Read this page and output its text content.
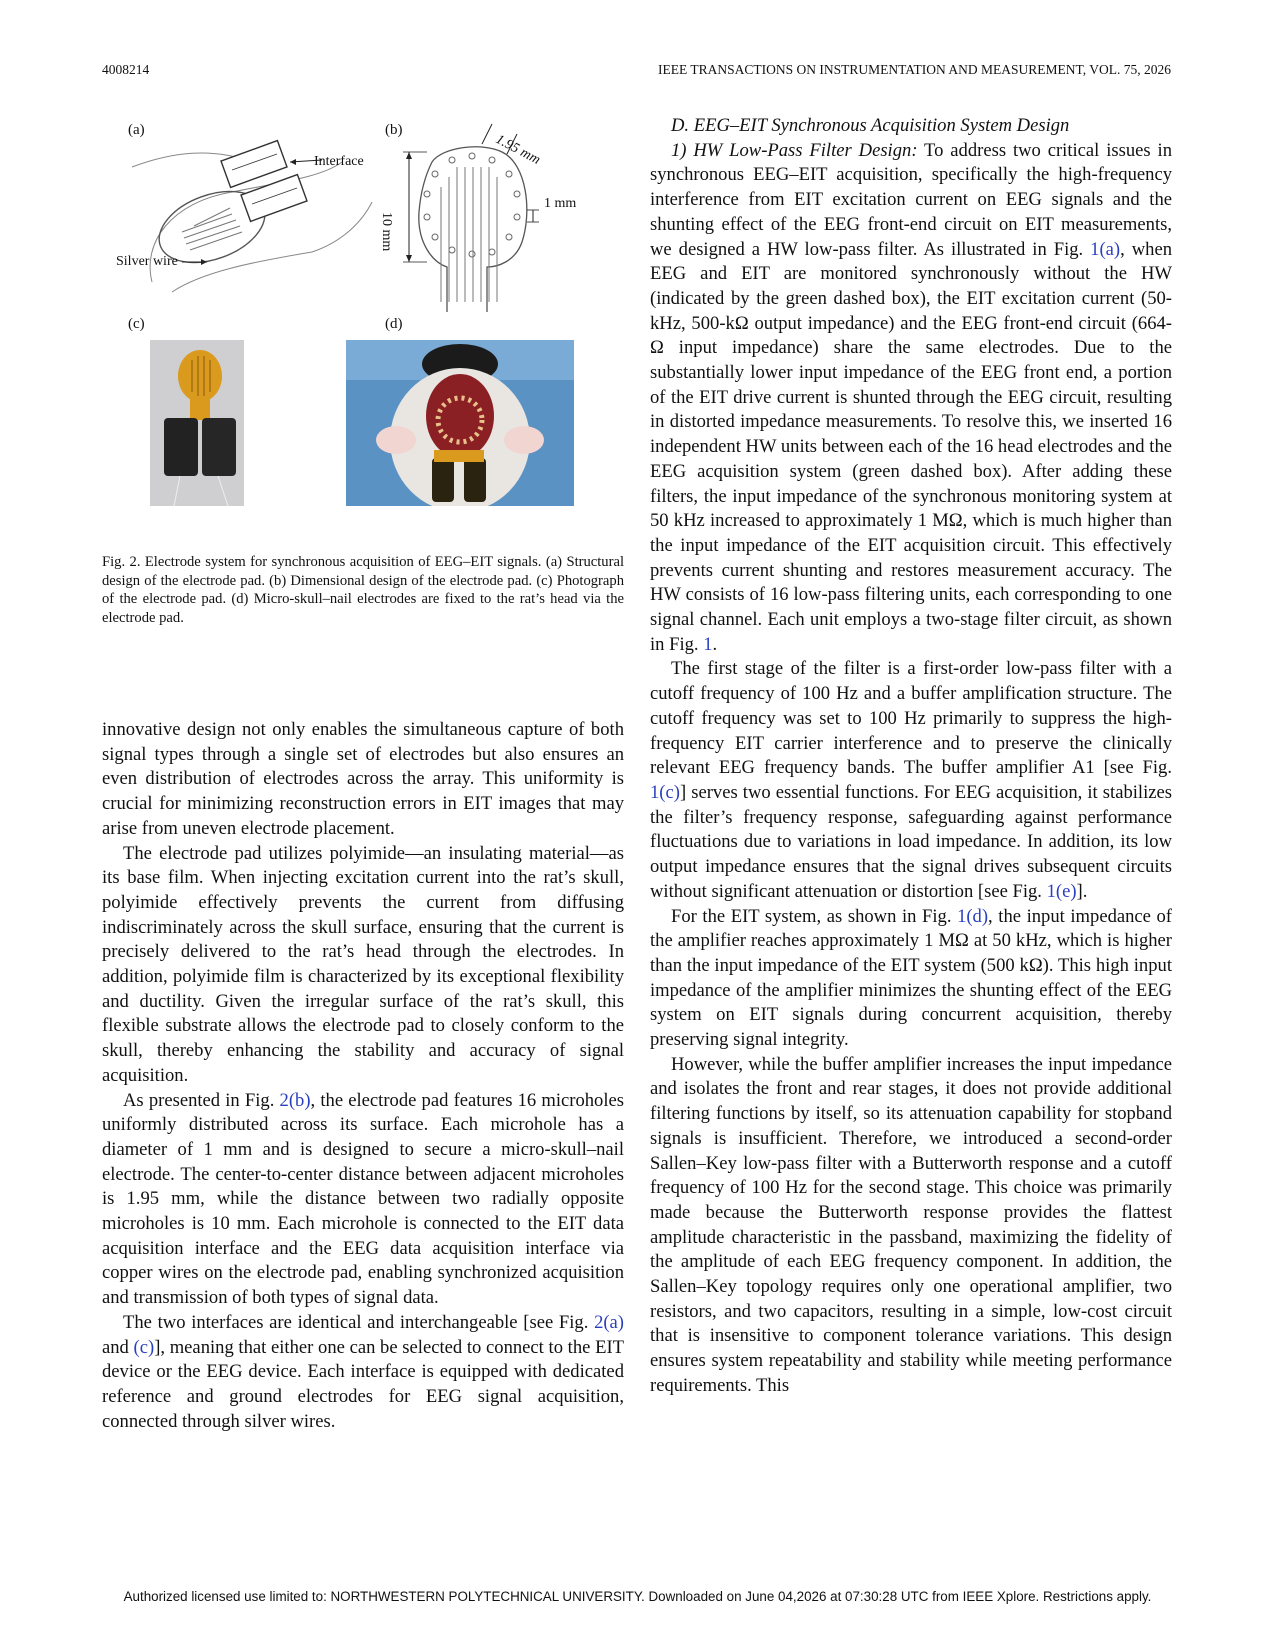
4008214	IEEE TRANSACTIONS ON INSTRUMENTATION AND MEASUREMENT, VOL. 75, 2026
(a)
Interface
Silver wire
(b)
1.95 mm
10 mm
1 mm
(c)	(d)
Fig. 2. Electrode system for synchronous acquisition of EEG–EIT signals. (a) Structural design of the electrode pad. (b) Dimensional design of the electrode pad. (c) Photograph of the electrode pad. (d) Micro-skull–nail electrodes are fixed to the rat’s head via the electrode pad.

innovative design not only enables the simultaneous capture of both signal types through a single set of electrodes but also ensures an even distribution of electrodes across the array. This uniformity is crucial for minimizing reconstruction errors in EIT images that may arise from uneven electrode placement.

The electrode pad utilizes polyimide—an insulating material—as its base film. When injecting excitation current into the rat’s skull, polyimide effectively prevents the current from diffusing indiscriminately across the skull surface, ensuring that the current is precisely delivered to the rat’s head through the electrodes. In addition, polyimide film is characterized by its exceptional flexibility and ductility. Given the irregular surface of the rat’s skull, this flexible substrate allows the electrode pad to closely conform to the skull, thereby enhancing the stability and accuracy of signal acquisition.

As presented in Fig. 2(b), the electrode pad features 16 microholes uniformly distributed across its surface. Each microhole has a diameter of 1 mm and is designed to secure a micro-skull–nail electrode. The center-to-center distance between adjacent microholes is 1.95 mm, while the distance between two radially opposite microholes is 10 mm. Each microhole is connected to the EIT data acquisition interface and the EEG data acquisition interface via copper wires on the electrode pad, enabling synchronized acquisition and transmission of both types of signal data.

The two interfaces are identical and interchangeable [see Fig. 2(a) and (c)], meaning that either one can be selected to connect to the EIT device or the EEG device. Each interface is equipped with dedicated reference and ground electrodes for EEG signal acquisition, connected through silver wires.

D. EEG–EIT Synchronous Acquisition System Design

1) HW Low-Pass Filter Design: To address two critical issues in synchronous EEG–EIT acquisition, specifically the high-frequency interference from EIT excitation current on EEG signals and the shunting effect of the EEG front-end circuit on EIT measurements, we designed a HW low-pass filter. As illustrated in Fig. 1(a), when EEG and EIT are monitored synchronously without the HW (indicated by the green dashed box), the EIT excitation current (50-kHz, 500-kΩ output impedance) and the EEG front-end circuit (664-Ω input impedance) share the same electrodes. Due to the substantially lower input impedance of the EEG front end, a portion of the EIT drive current is shunted through the EEG circuit, resulting in distorted impedance measurements. To resolve this, we inserted 16 independent HW units between each of the 16 head electrodes and the EEG acquisition system (green dashed box). After adding these filters, the input impedance of the synchronous monitoring system at 50 kHz increased to approximately 1 MΩ, which is much higher than the input impedance of the EIT acquisition circuit. This effectively prevents current shunting and restores measurement accuracy. The HW consists of 16 low-pass filtering units, each corresponding to one signal channel. Each unit employs a two-stage filter circuit, as shown in Fig. 1.

The first stage of the filter is a first-order low-pass filter with a cutoff frequency of 100 Hz and a buffer amplification structure. The cutoff frequency was set to 100 Hz primarily to suppress the high-frequency EIT carrier interference and to preserve the clinically relevant EEG frequency bands. The buffer amplifier A1 [see Fig. 1(c)] serves two essential functions. For EEG acquisition, it stabilizes the filter’s frequency response, safeguarding against performance fluctuations due to variations in load impedance. In addition, its low output impedance ensures that the signal drives subsequent circuits without significant attenuation or distortion [see Fig. 1(e)].

For the EIT system, as shown in Fig. 1(d), the input impedance of the amplifier reaches approximately 1 MΩ at 50 kHz, which is higher than the input impedance of the EIT system (500 kΩ). This high input impedance of the amplifier minimizes the shunting effect of the EEG system on EIT signals during concurrent acquisition, thereby preserving signal integrity.

However, while the buffer amplifier increases the input impedance and isolates the front and rear stages, it does not provide additional filtering functions by itself, so its attenuation capability for stopband signals is insufficient. Therefore, we introduced a second-order Sallen–Key low-pass filter with a Butterworth response and a cutoff frequency of 100 Hz for the second stage. This choice was primarily made because the Butterworth response provides the flattest amplitude characteristic in the passband, maximizing the fidelity of the amplitude of each EEG frequency component. In addition, the Sallen–Key topology requires only one operational amplifier, two resistors, and two capacitors, resulting in a simple, low-cost circuit that is insensitive to component tolerance variations. This design ensures system repeatability and stability while meeting performance requirements. This

Authorized licensed use limited to: NORTHWESTERN POLYTECHNICAL UNIVERSITY. Downloaded on June 04,2026 at 07:30:28 UTC from IEEE Xplore. Restrictions apply.
